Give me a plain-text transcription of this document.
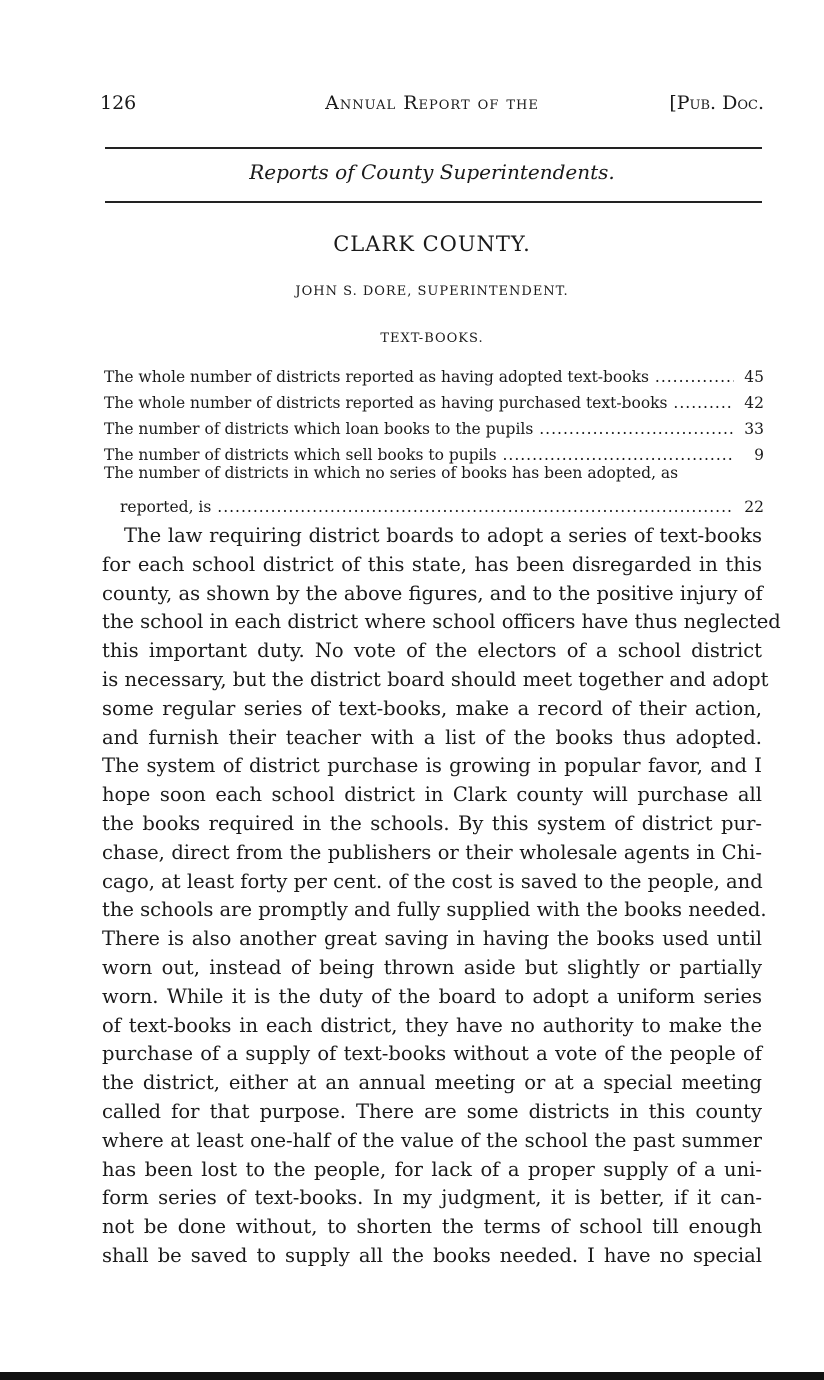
126	Annual Report of the	[Pub. Doc.
Reports of County Superintendents.
CLARK COUNTY.
JOHN S. DORE, SUPERINTENDENT.
TEXT-BOOKS.
The whole number of districts reported as having adopted text-books .....	45
The whole number of districts reported as having purchased text-books .....	42
The number of districts which loan books to the pupils .....	33
The number of districts which sell books to pupils .....	9
The number of districts in which no series of books has been adopted, as
reported, is .....	22
The law requiring district boards to adopt a series of text-books
for each school district of this state, has been disregarded in this
county, as shown by the above figures, and to the positive injury of
the school in each district where school officers have thus neglected
this important duty. No vote of the electors of a school district
is necessary, but the district board should meet together and adopt
some regular series of text-books, make a record of their action,
and furnish their teacher with a list of the books thus adopted.
The system of district purchase is growing in popular favor, and I
hope soon each school district in Clark county will purchase all
the books required in the schools. By this system of district pur-
chase, direct from the publishers or their wholesale agents in Chi-
cago, at least forty per cent. of the cost is saved to the people, and
the schools are promptly and fully supplied with the books needed.
There is also another great saving in having the books used until
worn out, instead of being thrown aside but slightly or partially
worn. While it is the duty of the board to adopt a uniform series
of text-books in each district, they have no authority to make the
purchase of a supply of text-books without a vote of the people of
the district, either at an annual meeting or at a special meeting
called for that purpose. There are some districts in this county
where at least one-half of the value of the school the past summer
has been lost to the people, for lack of a proper supply of a uni-
form series of text-books. In my judgment, it is better, if it can-
not be done without, to shorten the terms of school till enough
shall be saved to supply all the books needed. I have no special
